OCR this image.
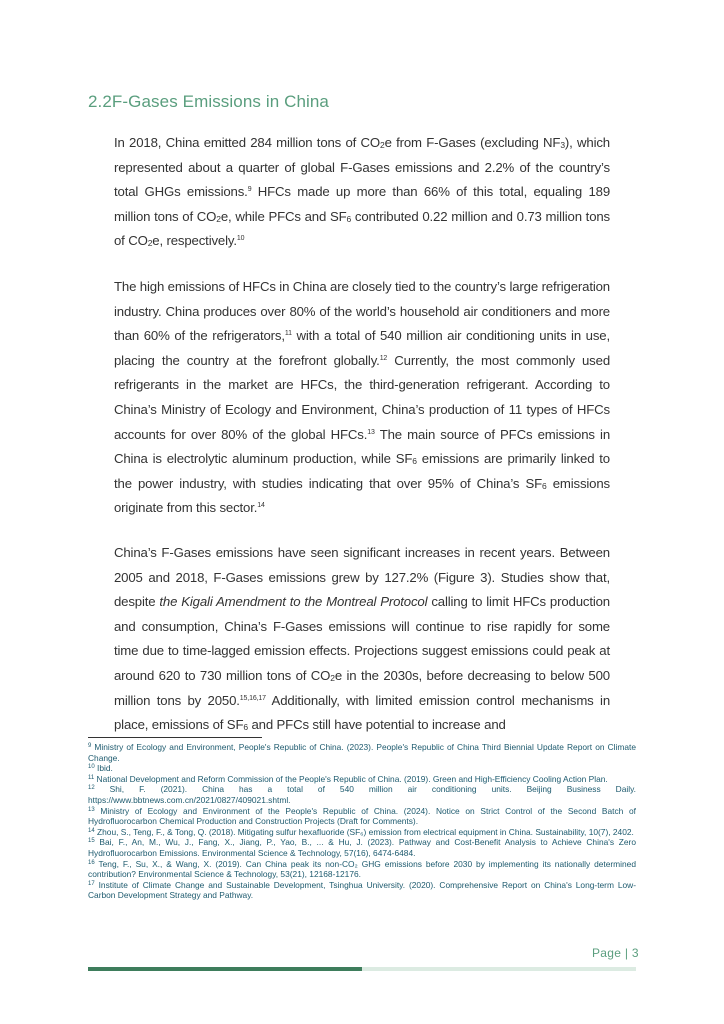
2.2F-Gases Emissions in China

In 2018, China emitted 284 million tons of $CO_2e$ from F-Gases (excluding $NF_3$), which represented about a quarter of global F-Gases emissions and 2.2% of the country’s total GHGs emissions.$^9$ HFCs made up more than 66% of this total, equaling 189 million tons of $CO_2e$, while PFCs and $SF_6$ contributed 0.22 million and 0.73 million tons of $CO_2e$, respectively.$^{10}$

The high emissions of HFCs in China are closely tied to the country’s large refrigeration industry. China produces over 80% of the world’s household air conditioners and more than 60% of the refrigerators,$^{11}$ with a total of 540 million air conditioning units in use, placing the country at the forefront globally.$^{12}$ Currently, the most commonly used refrigerants in the market are HFCs, the third-generation refrigerant. According to China’s Ministry of Ecology and Environment, China’s production of 11 types of HFCs accounts for over 80% of the global HFCs.$^{13}$ The main source of PFCs emissions in China is electrolytic aluminum production, while $SF_6$ emissions are primarily linked to the power industry, with studies indicating that over 95% of China’s $SF_6$ emissions originate from this sector.$^{14}$

China’s F-Gases emissions have seen significant increases in recent years. Between 2005 and 2018, F-Gases emissions grew by 127.2% (Figure 3). Studies show that, despite the Kigali Amendment to the Montreal Protocol calling to limit HFCs production and consumption, China’s F-Gases emissions will continue to rise rapidly for some time due to time-lagged emission effects. Projections suggest emissions could peak at around 620 to 730 million tons of $CO_2e$ in the 2030s, before decreasing to below 500 million tons by 2050.$^{15,16,17}$ Additionally, with limited emission control mechanisms in place, emissions of $SF_6$ and PFCs still have potential to increase and

$^9$ Ministry of Ecology and Environment, People's Republic of China. (2023). People's Republic of China Third Biennial Update Report on Climate Change.
$^{10}$ Ibid.
$^{11}$ National Development and Reform Commission of the People's Republic of China. (2019). Green and High-Efficiency Cooling Action Plan.
$^{12}$ Shi, F. (2021). China has a total of 540 million air conditioning units. Beijing Business Daily. https://www.bbtnews.com.cn/2021/0827/409021.shtml.
$^{13}$ Ministry of Ecology and Environment of the People's Republic of China. (2024). Notice on Strict Control of the Second Batch of Hydrofluorocarbon Chemical Production and Construction Projects (Draft for Comments).
$^{14}$ Zhou, S., Teng, F., & Tong, Q. (2018). Mitigating sulfur hexafluoride (SF₆) emission from electrical equipment in China. Sustainability, 10(7), 2402.
$^{15}$ Bai, F., An, M., Wu, J., Fang, X., Jiang, P., Yao, B., ... & Hu, J. (2023). Pathway and Cost-Benefit Analysis to Achieve China's Zero Hydrofluorocarbon Emissions. Environmental Science & Technology, 57(16), 6474-6484.
$^{16}$ Teng, F., Su, X., & Wang, X. (2019). Can China peak its non-CO₂ GHG emissions before 2030 by implementing its nationally determined contribution? Environmental Science & Technology, 53(21), 12168-12176.
$^{17}$ Institute of Climate Change and Sustainable Development, Tsinghua University. (2020). Comprehensive Report on China's Long-term Low-Carbon Development Strategy and Pathway.
Page | 3
